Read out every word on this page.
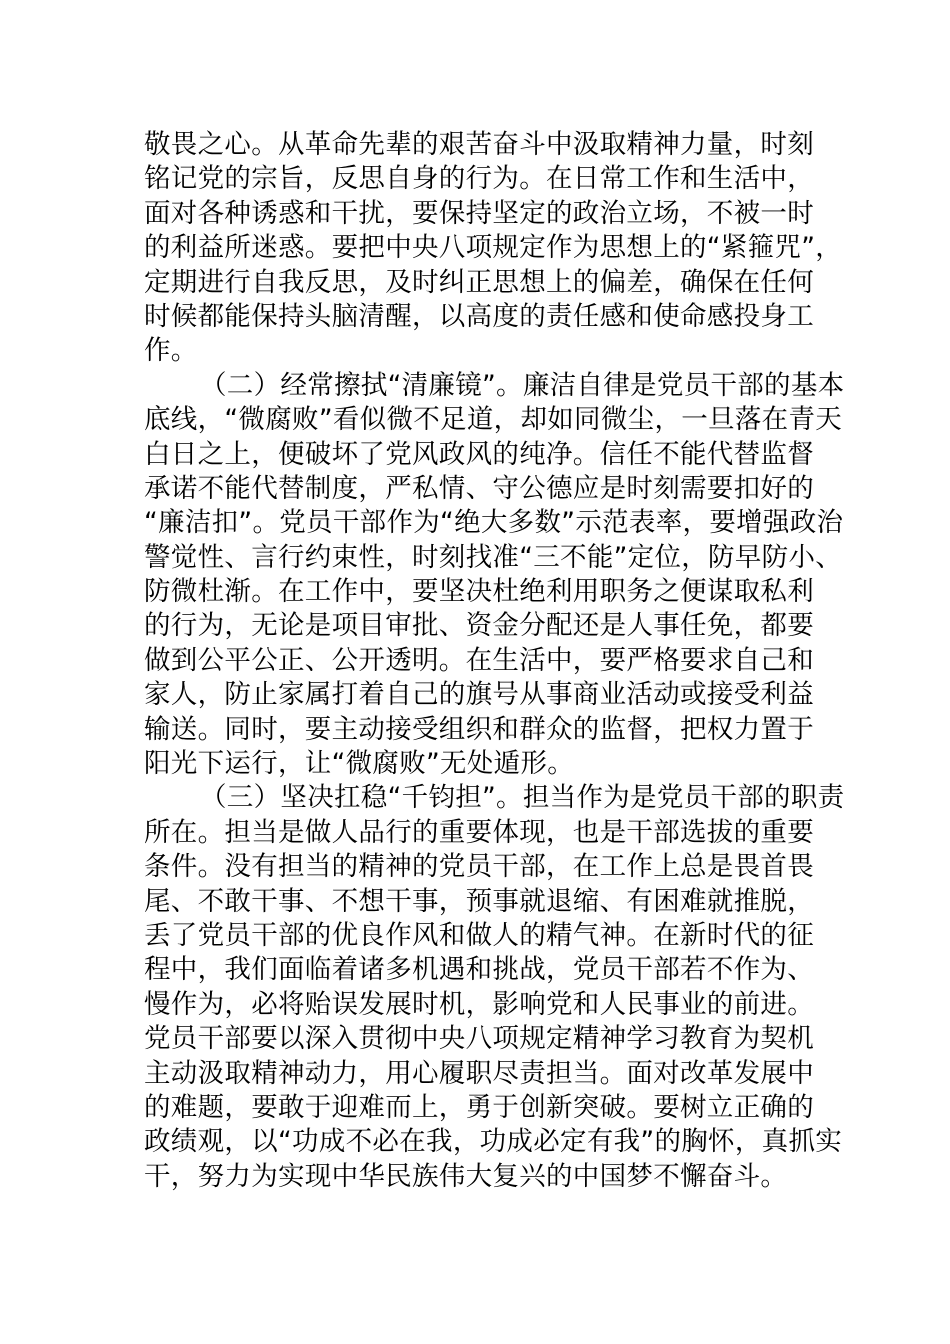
敬畏之心。从革命先辈的艰苦奋斗中汲取精神力量，时刻
铭记党的宗旨，反思自身的行为。在日常工作和生活中，
面对各种诱惑和干扰，要保持坚定的政治立场，不被一时
的利益所迷惑。要把中央八项规定作为思想上的“紧箍咒”，
定期进行自我反思，及时纠正思想上的偏差，确保在任何
时候都能保持头脑清醒，以高度的责任感和使命感投身工
作。
（二）经常擦拭“清廉镜”。廉洁自律是党员干部的基本
底线，“微腐败”看似微不足道，却如同微尘，一旦落在青天
白日之上，便破坏了党风政风的纯净。信任不能代替监督
承诺不能代替制度，严私情、守公德应是时刻需要扣好的
“廉洁扣”。党员干部作为“绝大多数”示范表率，要增强政治
警觉性、言行约束性，时刻找准“三不能”定位，防早防小、
防微杜渐。在工作中，要坚决杜绝利用职务之便谋取私利
的行为，无论是项目审批、资金分配还是人事任免，都要
做到公平公正、公开透明。在生活中，要严格要求自己和
家人，防止家属打着自己的旗号从事商业活动或接受利益
输送。同时，要主动接受组织和群众的监督，把权力置于
阳光下运行，让“微腐败”无处遁形。
（三）坚决扛稳“千钧担”。担当作为是党员干部的职责
所在。担当是做人品行的重要体现，也是干部选拔的重要
条件。没有担当的精神的党员干部，在工作上总是畏首畏
尾、不敢干事、不想干事，预事就退缩、有困难就推脱，
丢了党员干部的优良作风和做人的精气神。在新时代的征
程中，我们面临着诸多机遇和挑战，党员干部若不作为、
慢作为，必将贻误发展时机，影响党和人民事业的前进。
党员干部要以深入贯彻中央八项规定精神学习教育为契机
主动汲取精神动力，用心履职尽责担当。面对改革发展中
的难题，要敢于迎难而上，勇于创新突破。要树立正确的
政绩观，以“功成不必在我，功成必定有我”的胸怀，真抓实
干，努力为实现中华民族伟大复兴的中国梦不懈奋斗。
